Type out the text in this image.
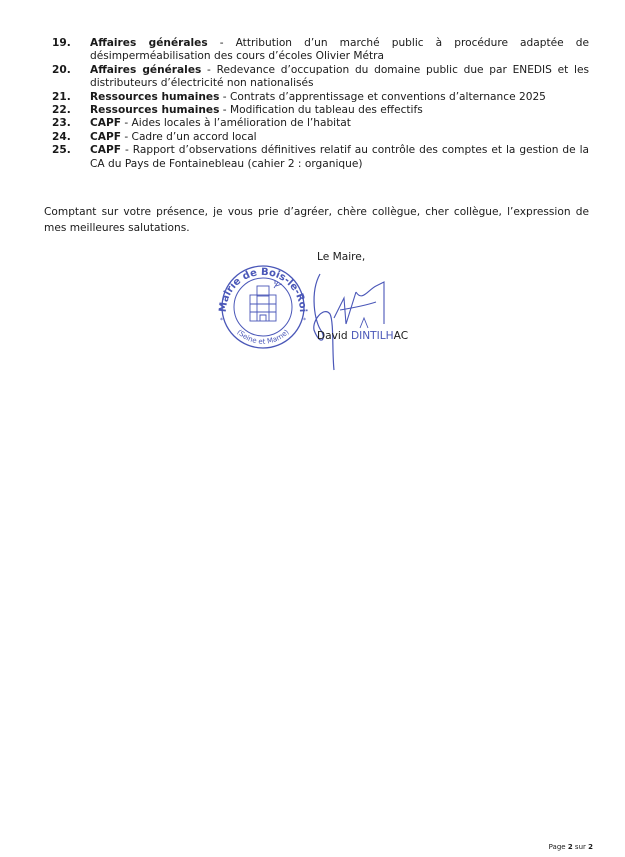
19.	Affaires générales - Attribution d’un marché public à procédure adaptée de désimperméabilisation des cours d’écoles Olivier Métra
20.	Affaires générales - Redevance d’occupation du domaine public due par ENEDIS et les distributeurs d’électricité non nationalisés
21.	Ressources humaines - Contrats d’apprentissage et conventions d’alternance 2025
22.	Ressources humaines - Modification du tableau des effectifs
23.	CAPF - Aides locales à l’amélioration de l’habitat
24.	CAPF - Cadre d’un accord local
25.	CAPF - Rapport d’observations définitives relatif au contrôle des comptes et la gestion de la CA du Pays de Fontainebleau (cahier 2 : organique)

Comptant sur votre présence, je vous prie d’agréer, chère collègue, cher collègue, l’expression de mes meilleures salutations.

Le Maire,
Mairie de Bois-le-Roi
(Seine et Marne)
*	*
David DINTILHAC
Page 2 sur 2
